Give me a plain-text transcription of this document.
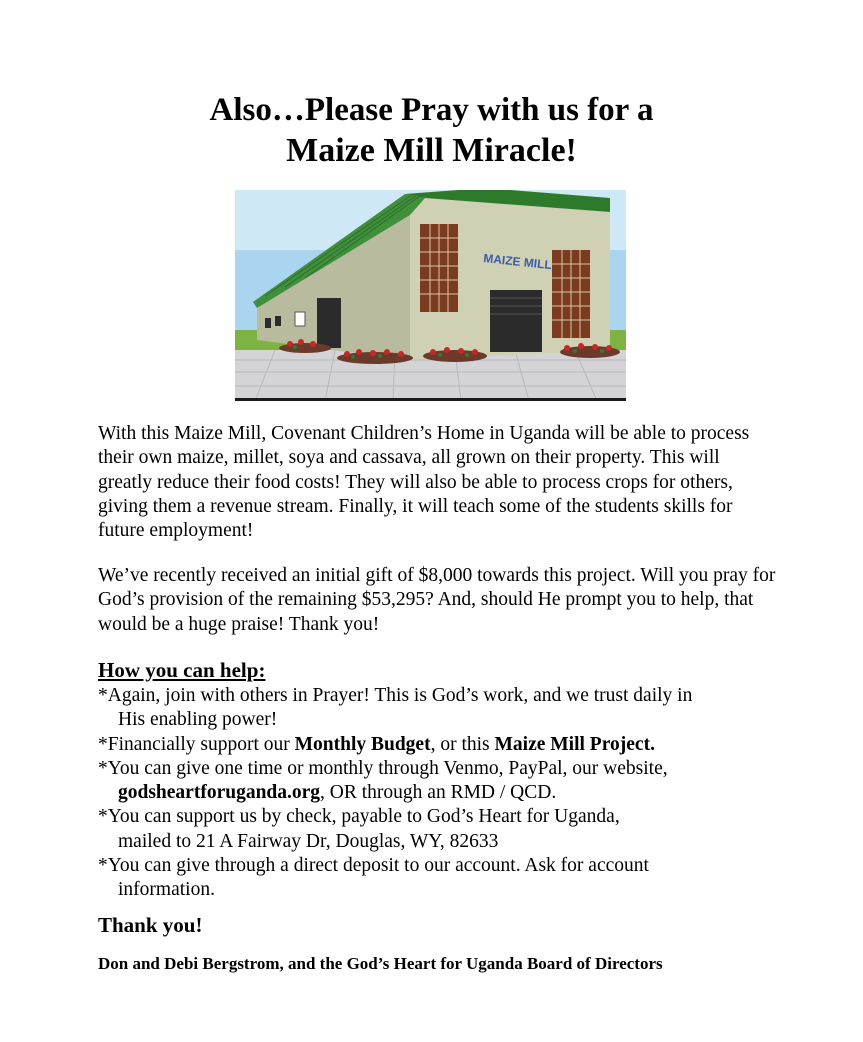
Also…Please Pray with us for a
Maize Mill Miracle!
MAIZE MILL

With this Maize Mill, Covenant Children’s Home in Uganda will be able to process their own maize, millet, soya and cassava, all grown on their property. This will greatly reduce their food costs! They will also be able to process crops for others, giving them a revenue stream. Finally, it will teach some of the students skills for future employment!

We’ve recently received an initial gift of $8,000 towards this project. Will you pray for God’s provision of the remaining $53,295? And, should He prompt you to help, that would be a huge praise! Thank you!

How you can help:
*Again, join with others in Prayer! This is God’s work, and we trust daily in
His enabling power!
*Financially support our Monthly Budget, or this Maize Mill Project.
*You can give one time or monthly through Venmo, PayPal, our website,
godsheartforuganda.org, OR through an RMD / QCD.
*You can support us by check, payable to God’s Heart for Uganda,
mailed to 21 A Fairway Dr, Douglas, WY, 82633
*You can give through a direct deposit to our account. Ask for account
information.

Thank you!

Don and Debi Bergstrom, and the God’s Heart for Uganda Board of Directors
